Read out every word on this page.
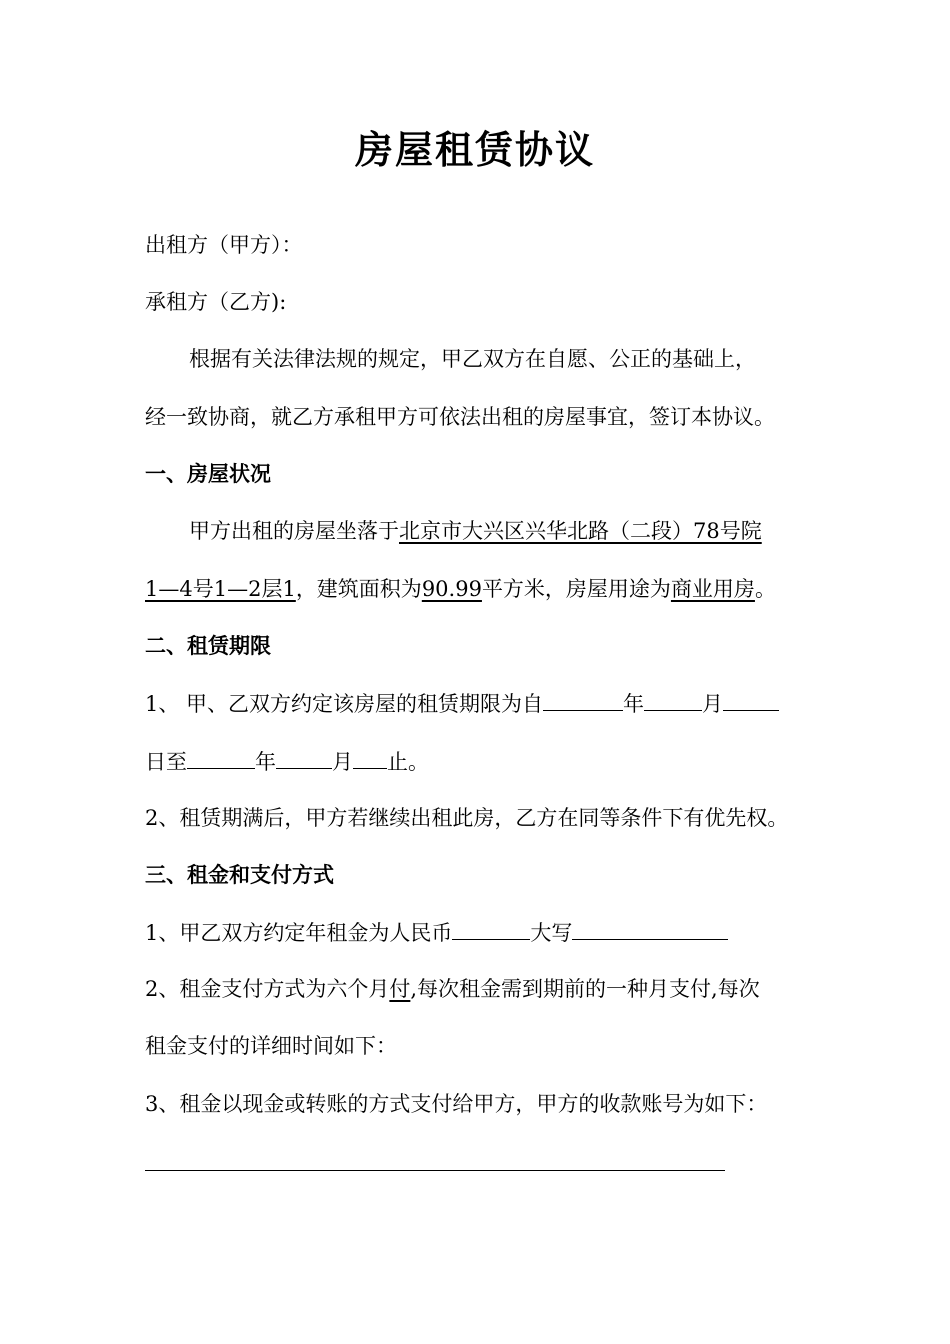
房屋租赁协议
出租方（甲方）：
承租方（乙方):
根据有关法律法规的规定，甲乙双方在自愿、公正的基础上，
经一致协商，就乙方承租甲方可依法出租的房屋事宜，签订本协议。
一、房屋状况
甲方出租的房屋坐落于北京市大兴区兴华北路（二段）78号院
1—4号1—2层1，建筑面积为90.99平方米，房屋用途为商业用房。
二、租赁期限
1、 甲、乙双方约定该房屋的租赁期限为自	年	月
日至	年	月 止。
2、租赁期满后，甲方若继续出租此房，乙方在同等条件下有优先权。
三、租金和支付方式
1、甲乙双方约定年租金为人民币	大写
2、租金支付方式为六个月付,每次租金需到期前的一种月支付,每次
租金支付的详细时间如下：
3、租金以现金或转账的方式支付给甲方，甲方的收款账号为如下：
